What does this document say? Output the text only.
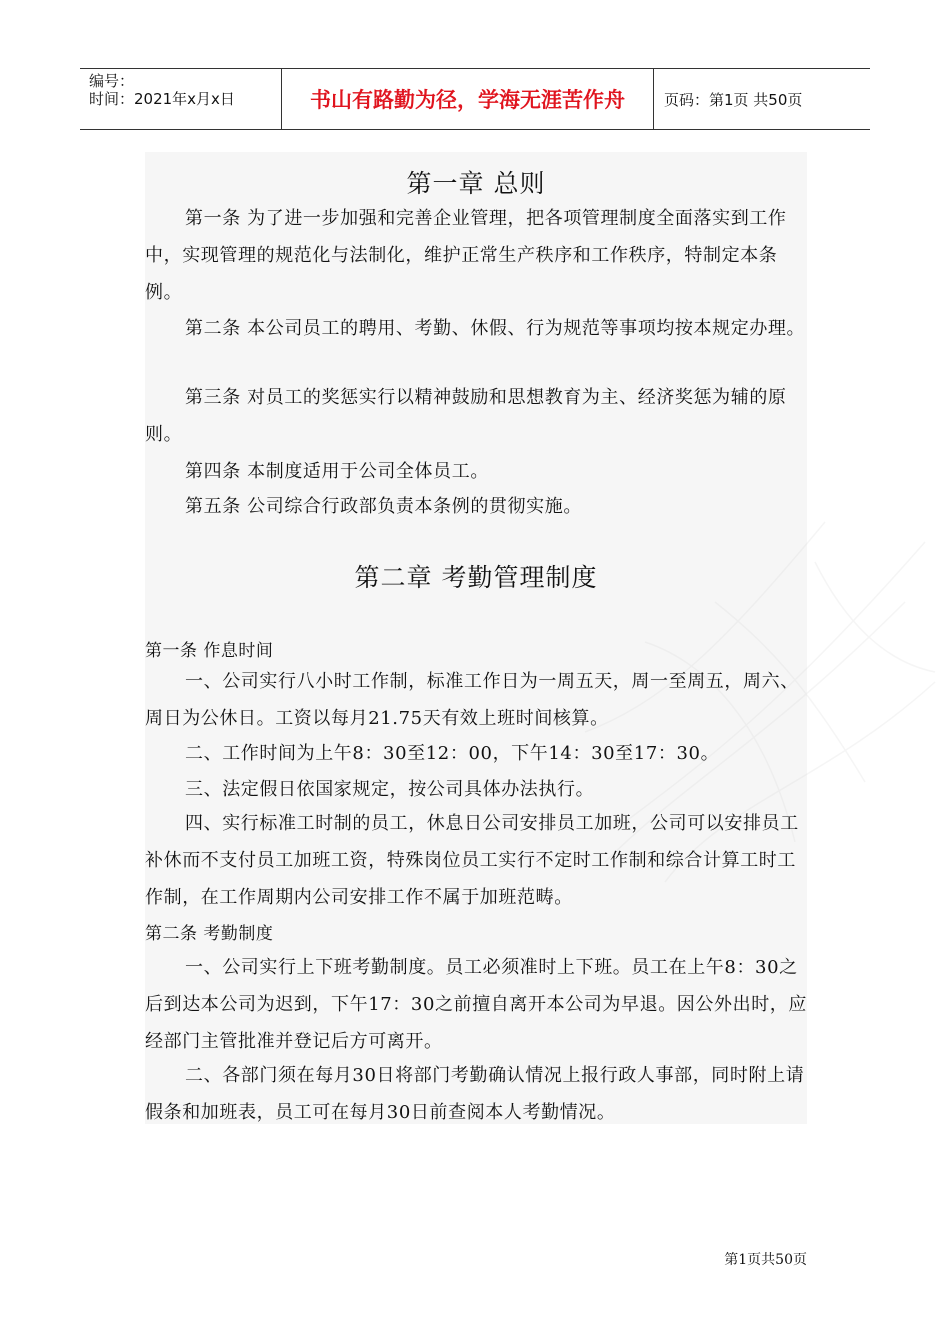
编号：
时间：2021年x月x日	书山有路勤为径，学海无涯苦作舟	页码：第1页 共50页
第一章 总则

第一条 为了进一步加强和完善企业管理，把各项管理制度全面落实到工作中，实现管理的规范化与法制化，维护正常生产秩序和工作秩序，特制定本条例。

第二条 本公司员工的聘用、考勤、休假、行为规范等事项均按本规定办理。

第三条 对员工的奖惩实行以精神鼓励和思想教育为主、经济奖惩为辅的原则。

第四条 本制度适用于公司全体员工。

第五条 公司综合行政部负责本条例的贯彻实施。

第二章 考勤管理制度
第一条 作息时间

一、公司实行八小时工作制，标准工作日为一周五天，周一至周五，周六、周日为公休日。工资以每月21.75天有效上班时间核算。

二、工作时间为上午8：30至12：00，下午14：30至17：30。

三、法定假日依国家规定，按公司具体办法执行。

四、实行标准工时制的员工，休息日公司安排员工加班，公司可以安排员工补休而不支付员工加班工资，特殊岗位员工实行不定时工作制和综合计算工时工作制，在工作周期内公司安排工作不属于加班范畴。

第二条 考勤制度

一、公司实行上下班考勤制度。员工必须准时上下班。员工在上午8：30之后到达本公司为迟到，下午17：30之前擅自离开本公司为早退。因公外出时，应经部门主管批准并登记后方可离开。

二、各部门须在每月30日将部门考勤确认情况上报行政人事部，同时附上请假条和加班表，员工可在每月30日前查阅本人考勤情况。

第1页共50页
